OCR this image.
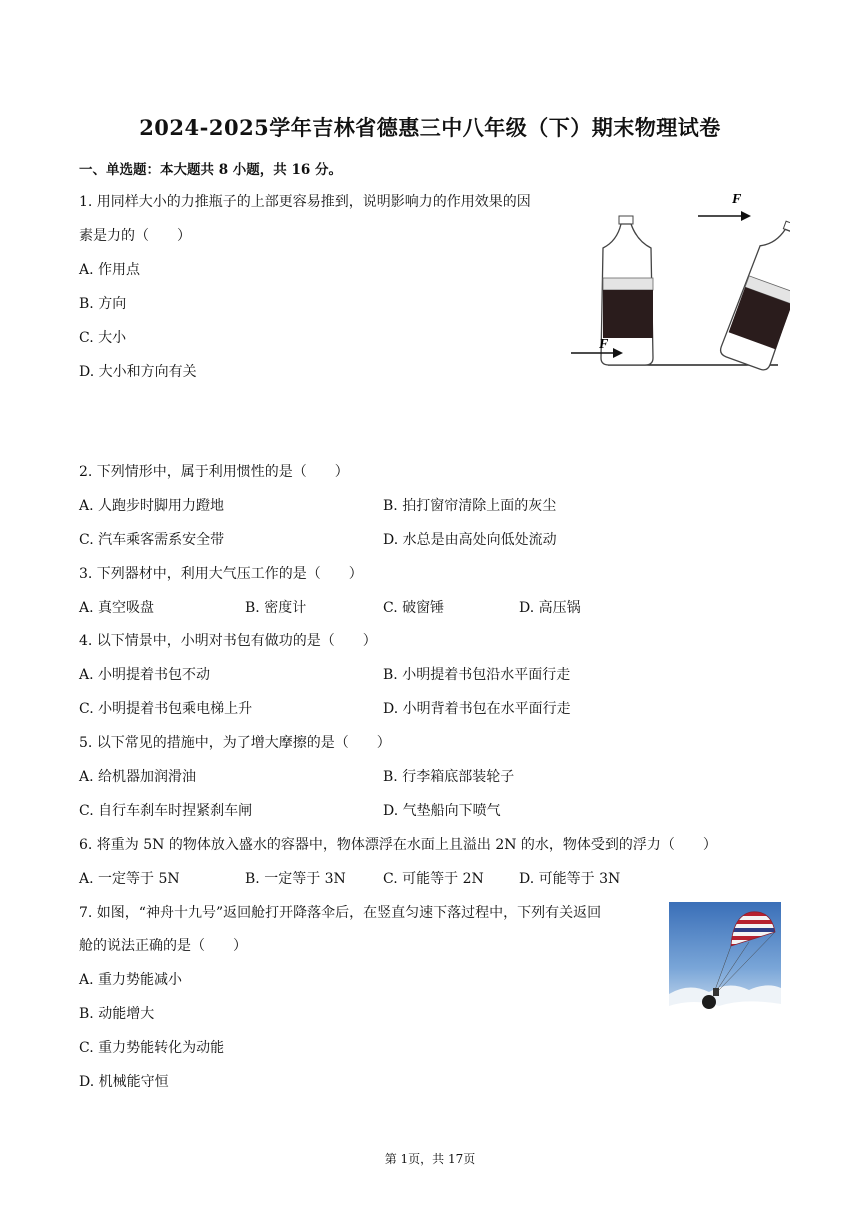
2024-2025学年吉林省德惠三中八年级（下）期末物理试卷
一、单选题：本大题共 8 小题，共 16 分。
1. 用同样大小的力推瓶子的上部更容易推到，说明影响力的作用效果的因
素是力的（　　）
A. 作用点
B. 方向
C. 大小
D. 大小和方向有关
F
F
2. 下列情形中，属于利用惯性的是（　　）
A. 人跑步时脚用力蹬地	B. 拍打窗帘清除上面的灰尘
C. 汽车乘客需系安全带	D. 水总是由高处向低处流动
3. 下列器材中，利用大气压工作的是（　　）
A. 真空吸盘	B. 密度计	C. 破窗锤	D. 高压锅
4. 以下情景中，小明对书包有做功的是（　　）
A. 小明提着书包不动	B. 小明提着书包沿水平面行走
C. 小明提着书包乘电梯上升	D. 小明背着书包在水平面行走
5. 以下常见的措施中，为了增大摩擦的是（　　）
A. 给机器加润滑油	B. 行李箱底部装轮子
C. 自行车刹车时捏紧刹车闸	D. 气垫船向下喷气
6. 将重为 5N 的物体放入盛水的容器中，物体漂浮在水面上且溢出 2N 的水，物体受到的浮力（　　）
A. 一定等于 5N	B. 一定等于 3N	C. 可能等于 2N	D. 可能等于 3N
7. 如图，“神舟十九号”返回舱打开降落伞后，在竖直匀速下落过程中，下列有关返回
舱的说法正确的是（　　）
A. 重力势能减小
B. 动能增大
C. 重力势能转化为动能
D. 机械能守恒
第 1页，共 17页
